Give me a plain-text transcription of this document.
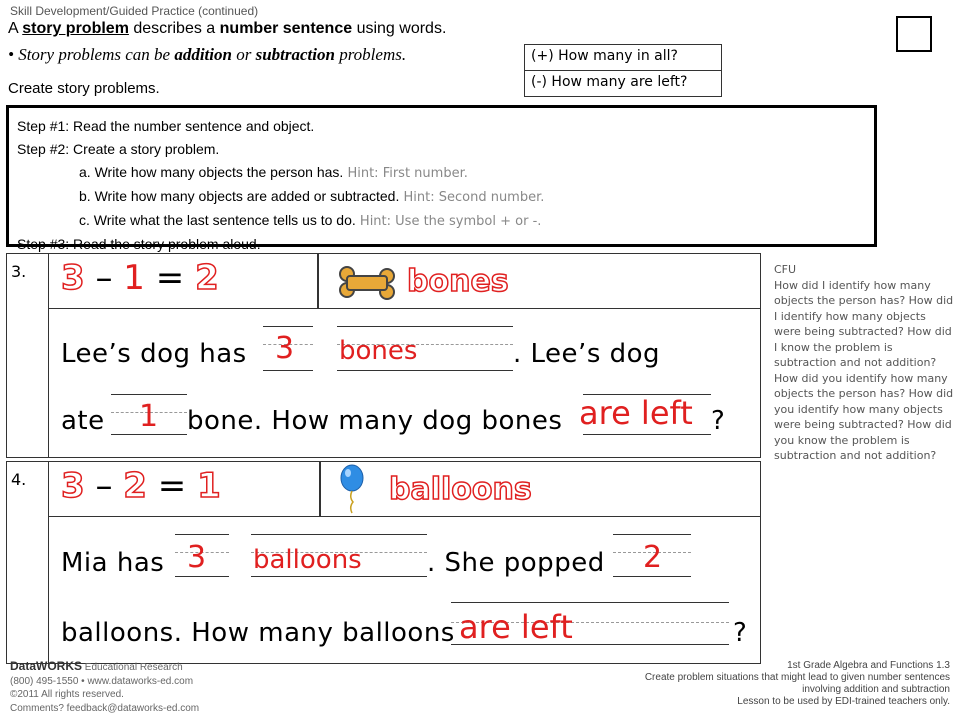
Skill Development/Guided Practice (continued)
A story problem describes a number sentence using words.
• Story problems can be addition or subtraction problems.
Create story problems.
(+) How many in all?
(-) How many are left?
Step #1: Read the number sentence and object.
Step #2: Create a story problem.
a. Write how many objects the person has. Hint: First number.
b. Write how many objects are added or subtracted. Hint: Second number.
c. Write what the last sentence tells us to do. Hint: Use the symbol + or -.
Step #3: Read the story problem aloud.
3.	3 – 1 = 2	bones
Lee’s dog has 3 bones	. Lee’s dog
ate 1 bone. How many dog bones are left ?
4.	3 – 2 = 1	balloons
Mia has 3 balloons	. She popped 2
balloons. How many balloons are left	?
CFU
How did I identify how many objects the person has? How did I identify how many objects were being subtracted? How did I know the problem is subtraction and not addition? How did you identify how many objects the person has? How did you identify how many objects were being subtracted? How did you know the problem is subtraction and not addition?
DataWORKS Educational Research
(800) 495-1550 • www.dataworks-ed.com
©2011 All rights reserved.
Comments? feedback@dataworks-ed.com
1st Grade Algebra and Functions 1.3
Create problem situations that might lead to given number sentences
involving addition and subtraction
Lesson to be used by EDI-trained teachers only.
